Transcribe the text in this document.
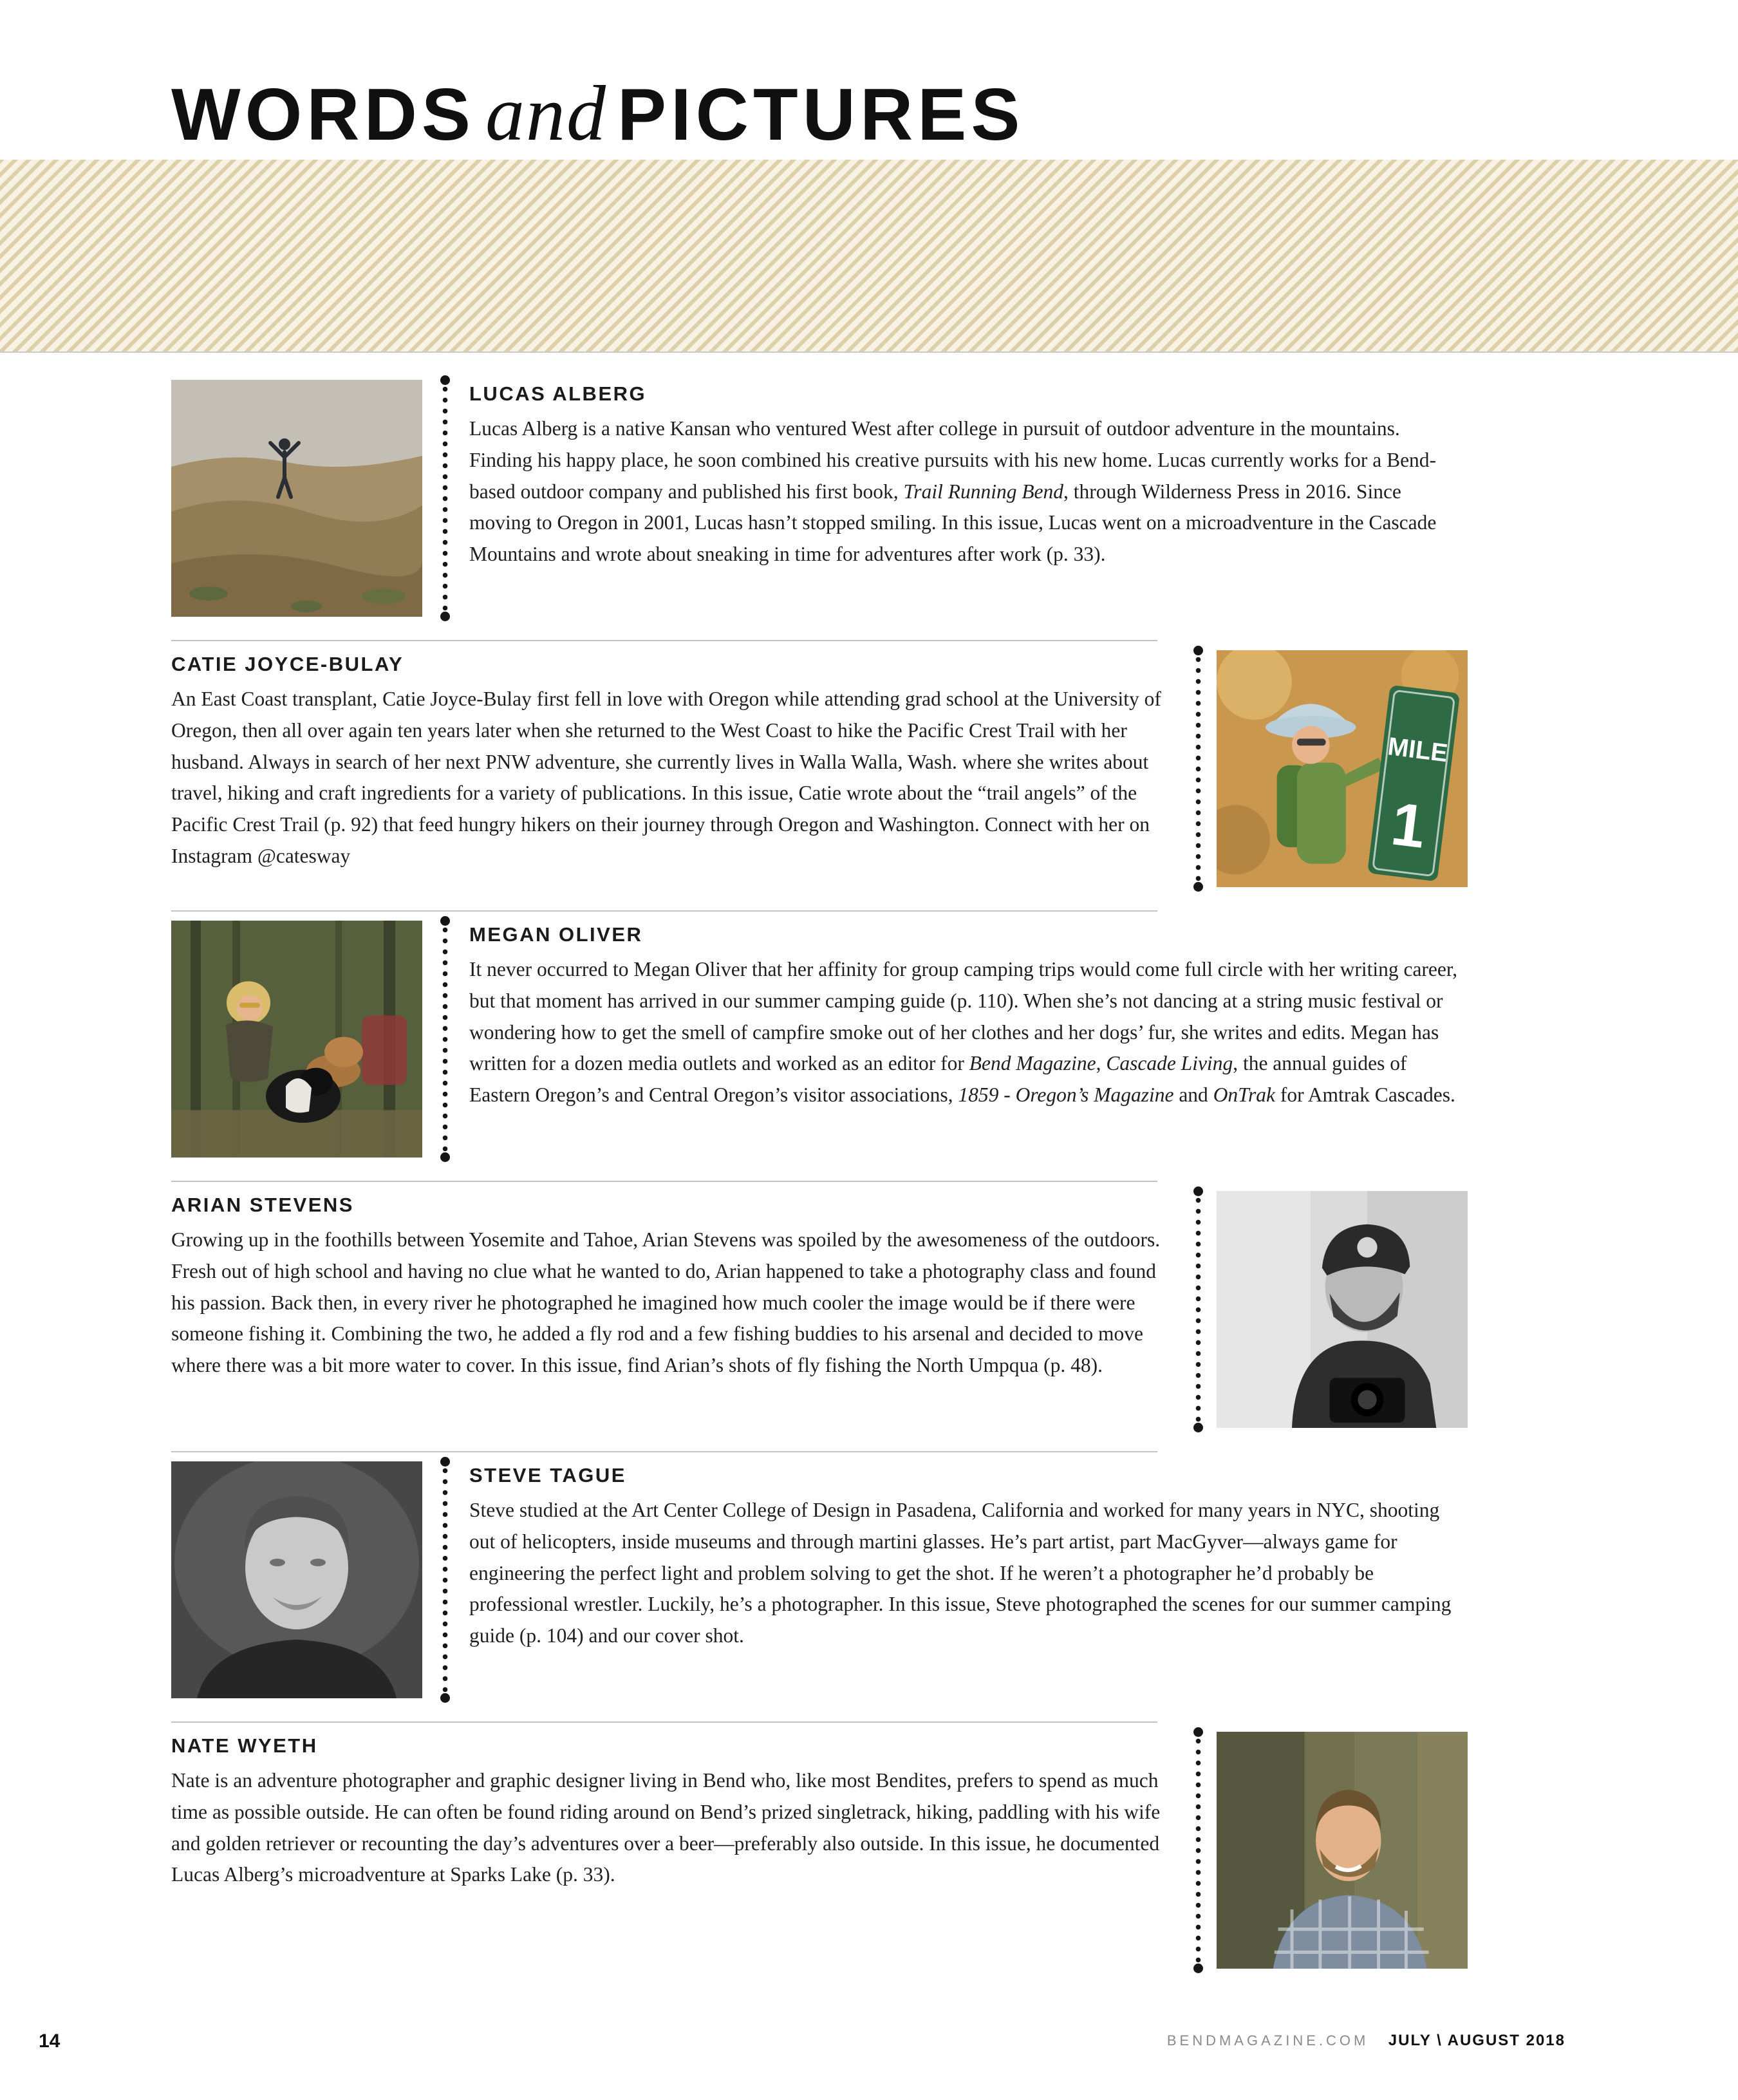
WORDS and PICTURES
LUCAS ALBERG

Lucas Alberg is a native Kansan who ventured West after college in pursuit of outdoor adventure in the mountains. Finding his happy place, he soon combined his creative pursuits with his new home. Lucas currently works for a Bend-based outdoor company and published his first book, Trail Running Bend, through Wilderness Press in 2016. Since moving to Oregon in 2001, Lucas hasn’t stopped smiling. In this issue, Lucas went on a microadventure in the Cascade Mountains and wrote about sneaking in time for adventures after work (p. 33).

CATIE JOYCE-BULAY

An East Coast transplant, Catie Joyce-Bulay first fell in love with Oregon while attending grad school at the University of Oregon, then all over again ten years later when she returned to the West Coast to hike the Pacific Crest Trail with her husband. Always in search of her next PNW adventure, she currently lives in Walla Walla, Wash. where she writes about travel, hiking and craft ingredients for a variety of publications. In this issue, Catie wrote about the “trail angels” of the Pacific Crest Trail (p. 92) that feed hungry hikers on their journey through Oregon and Washington. Connect with her on Instagram @catesway

MILE
1
MEGAN OLIVER

It never occurred to Megan Oliver that her affinity for group camping trips would come full circle with her writing career, but that moment has arrived in our summer camping guide (p. 110). When she’s not dancing at a string music festival or wondering how to get the smell of campfire smoke out of her clothes and her dogs’ fur, she writes and edits. Megan has written for a dozen media outlets and worked as an editor for Bend Magazine, Cascade Living, the annual guides of Eastern Oregon’s and Central Oregon’s visitor associations, 1859 - Oregon’s Magazine and OnTrak for Amtrak Cascades.

ARIAN STEVENS

Growing up in the foothills between Yosemite and Tahoe, Arian Stevens was spoiled by the awesomeness of the outdoors. Fresh out of high school and having no clue what he wanted to do, Arian happened to take a photography class and found his passion. Back then, in every river he photographed he imagined how much cooler the image would be if there were someone fishing it. Combining the two, he added a fly rod and a few fishing buddies to his arsenal and decided to move where there was a bit more water to cover. In this issue, find Arian’s shots of fly fishing the North Umpqua (p. 48).

STEVE TAGUE

Steve studied at the Art Center College of Design in Pasadena, California and worked for many years in NYC, shooting out of helicopters, inside museums and through martini glasses. He’s part artist, part MacGyver—always game for engineering the perfect light and problem solving to get the shot. If he weren’t a photographer he’d probably be professional wrestler. Luckily, he’s a photographer. In this issue, Steve photographed the scenes for our summer camping guide (p. 104) and our cover shot.

NATE WYETH

Nate is an adventure photographer and graphic designer living in Bend who, like most Bendites, prefers to spend as much time as possible outside. He can often be found riding around on Bend’s prized singletrack, hiking, paddling with his wife and golden retriever or recounting the day’s adventures over a beer—preferably also outside. In this issue, he documented Lucas Alberg’s microadventure at Sparks Lake (p. 33).

14	BENDMAGAZINE.COM JULY \ AUGUST 2018
